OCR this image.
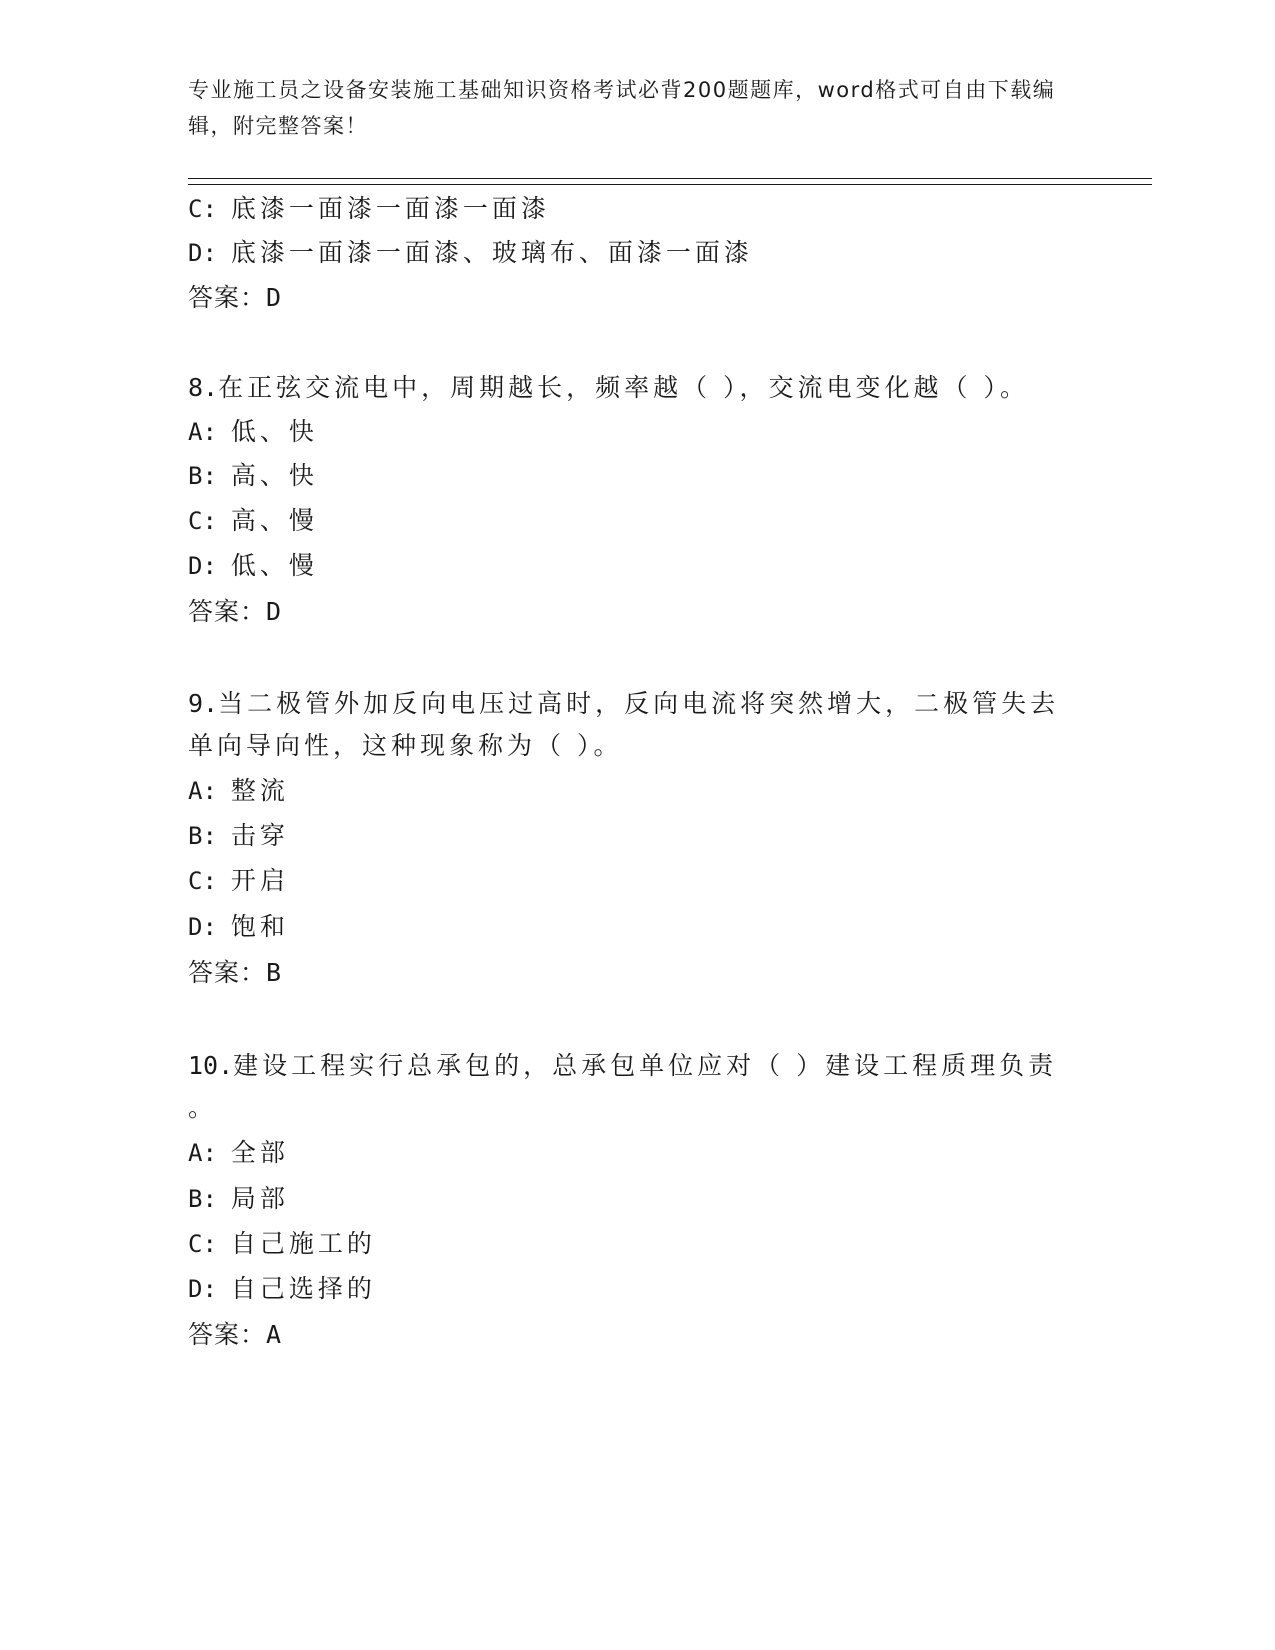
专业施工员之设备安装施工基础知识资格考试必背200题题库，word格式可自由下载编辑，附完整答案！
C: 底漆一面漆一面漆一面漆
D: 底漆一面漆一面漆、玻璃布、面漆一面漆
答案：D
8.在正弦交流电中，周期越长，频率越（ ），交流电变化越（ ）。
A: 低、快
B: 高、快
C: 高、慢
D: 低、慢
答案：D
9.当二极管外加反向电压过高时，反向电流将突然增大，二极管失去
单向导向性，这种现象称为（ ）。
A: 整流
B: 击穿
C: 开启
D: 饱和
答案：B
10.建设工程实行总承包的，总承包单位应对（ ）建设工程质理负责
。
A: 全部
B: 局部
C: 自己施工的
D: 自己选择的
答案：A
